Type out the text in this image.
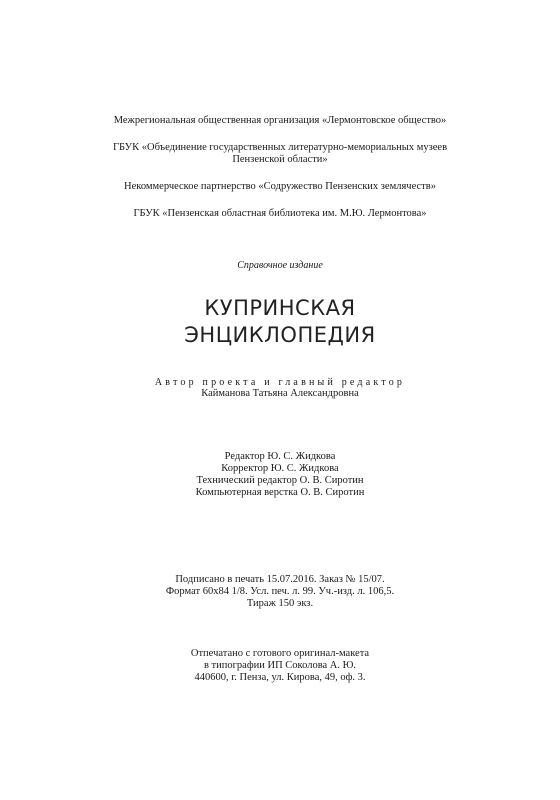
Межрегиональная общественная организация «Лермонтовское общество»
ГБУК «Объединение государственных литературно-мемориальных музеев
Пензенской области»
Некоммерческое партнерство «Содружество Пензенских землячеств»
ГБУК «Пензенская областная библиотека им. М.Ю. Лермонтова»
Справочное издание
КУПРИНСКАЯ
ЭНЦИКЛОПЕДИЯ
Автор проекта и главный редактор
Кайманова Татьяна Александровна
Редактор Ю. С. Жидкова
Корректор Ю. С. Жидкова
Технический редактор О. В. Сиротин
Компьютерная верстка О. В. Сиротин
Подписано в печать 15.07.2016. Заказ № 15/07.
Формат 60х84 1/8. Усл. печ. л. 99. Уч.-изд. л. 106,5.
Тираж 150 экз.
Отпечатано с готового оригинал-макета
в типографии ИП Соколова А. Ю.
440600, г. Пенза, ул. Кирова, 49, оф. 3.
